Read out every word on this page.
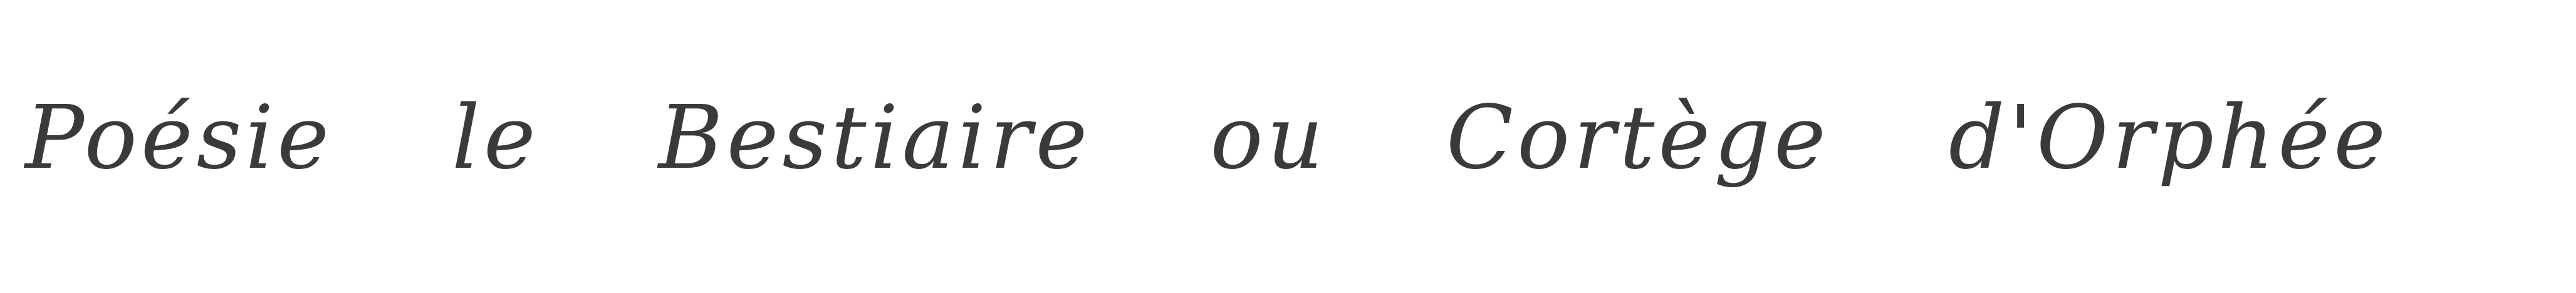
Poésie le Bestiaire ou Cortège d'Orphée
